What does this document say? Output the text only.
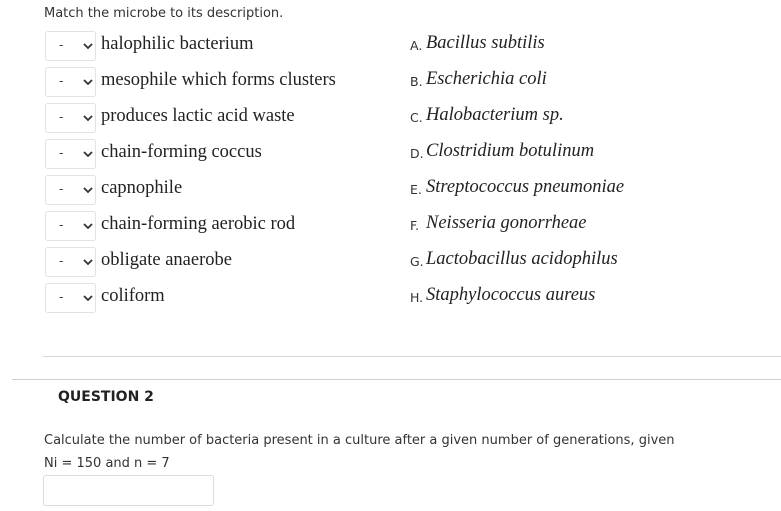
Match the microbe to its description.
- halophilic bacterium	A. Bacillus subtilis
- mesophile which forms clusters	B. Escherichia coli
- produces lactic acid waste	C. Halobacterium sp.
- chain-forming coccus	D. Clostridium botulinum
- capnophile	E. Streptococcus pneumoniae
- chain-forming aerobic rod	F. Neisseria gonorrheae
- obligate anaerobe	G. Lactobacillus acidophilus
- coliform	H. Staphylococcus aureus
QUESTION 2
Calculate the number of bacteria present in a culture after a given number of generations, given
Ni = 150 and n = 7
